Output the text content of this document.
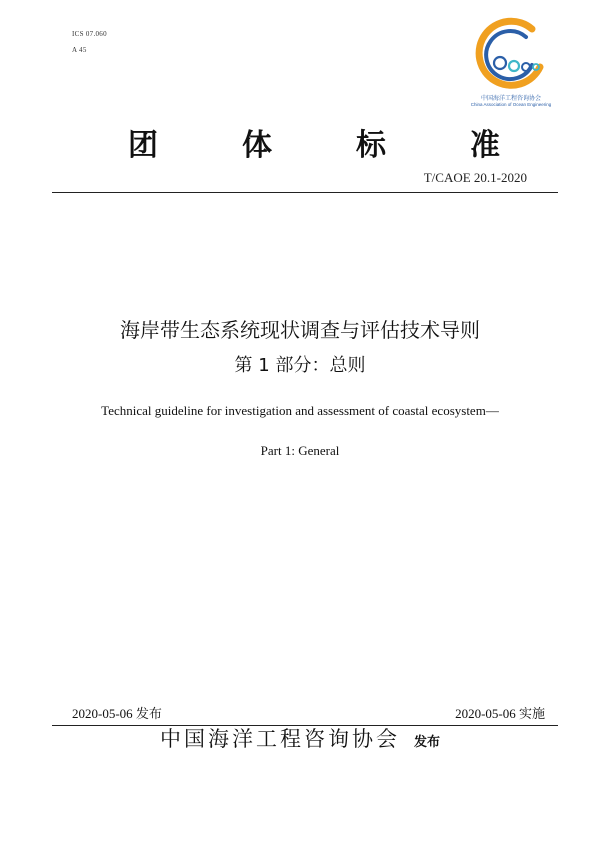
ICS 07.060
A 45
CAOE
中国海洋工程咨询协会
China Association of Ocean Engineering
团	体	标	准
T/CAOE 20.1-2020
海岸带生态系统现状调查与评估技术导则
第 1 部分：总则
Technical guideline for investigation and assessment of coastal ecosystem—
Part 1: General
2020-05-06 发布	2020-05-06 实施
中国海洋工程咨询协会 发布
